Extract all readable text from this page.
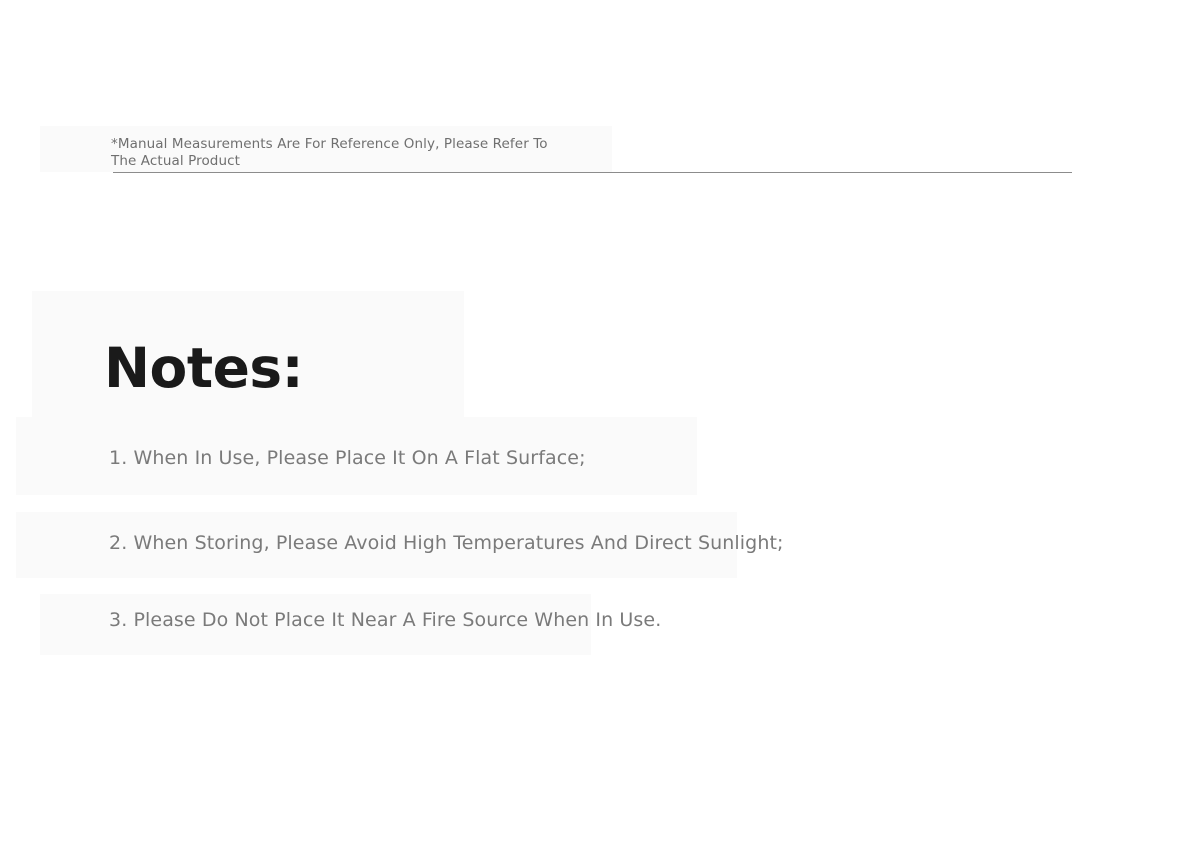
*Manual Measurements Are For Reference Only, Please Refer To The Actual Product
Notes:
1. When In Use, Please Place It On A Flat Surface;
2. When Storing, Please Avoid High Temperatures And Direct Sunlight;
3. Please Do Not Place It Near A Fire Source When In Use.
